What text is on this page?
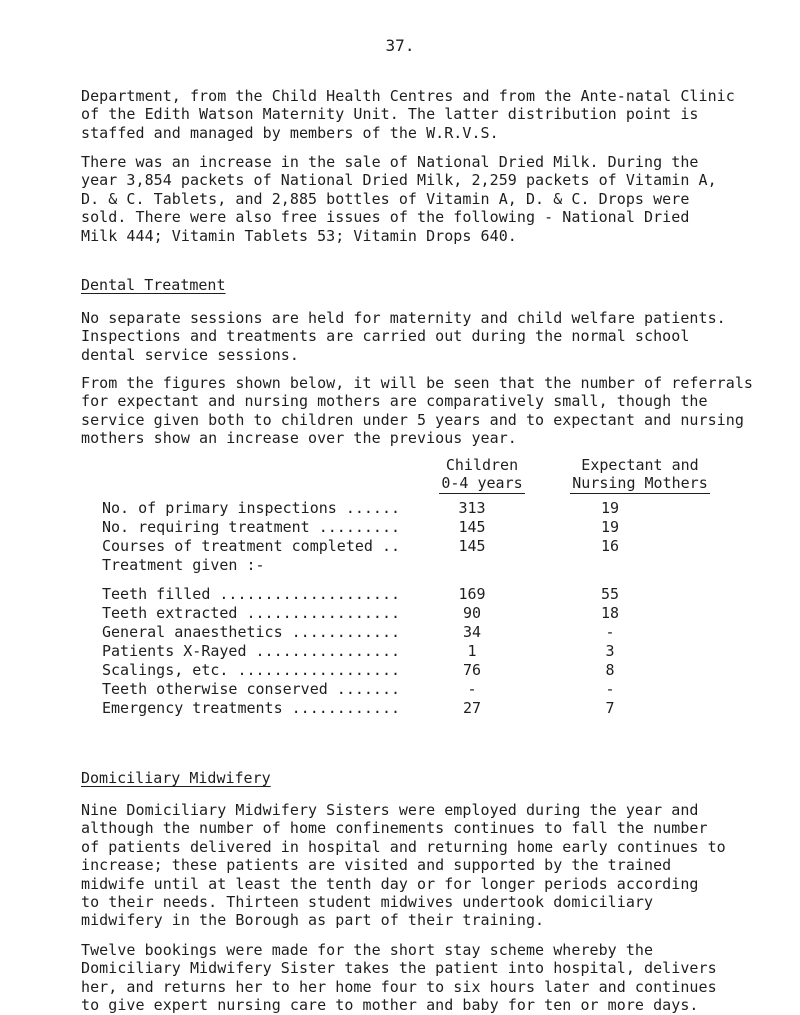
37.

Department, from the Child Health Centres and from the Ante-natal Clinic
of the Edith Watson Maternity Unit. The latter distribution point is
staffed and managed by members of the W.R.V.S.

There was an increase in the sale of National Dried Milk. During the
year 3,854 packets of National Dried Milk, 2,259 packets of Vitamin A,
D. & C. Tablets, and 2,885 bottles of Vitamin A, D. & C. Drops were
sold. There were also free issues of the following - National Dried
Milk 444; Vitamin Tablets 53; Vitamin Drops 640.

Dental Treatment

No separate sessions are held for maternity and child welfare patients.
Inspections and treatments are carried out during the normal school
dental service sessions.

From the figures shown below, it will be seen that the number of referrals
for expectant and nursing mothers are comparatively small, though the
service given both to children under 5 years and to expectant and nursing
mothers show an increase over the previous year.

Children
0-4 years
Expectant and
Nursing Mothers
No. of primary inspections ......	313	19
No. requiring treatment .........	145	19
Courses of treatment completed ..	145	16
Treatment given :-
Teeth filled ....................	169	55
Teeth extracted .................	90	18
General anaesthetics ............	34	-
Patients X-Rayed ................	1	3
Scalings, etc. ..................	76	8
Teeth otherwise conserved .......	-	-
Emergency treatments ............	27	7
Domiciliary Midwifery

Nine Domiciliary Midwifery Sisters were employed during the year and
although the number of home confinements continues to fall the number
of patients delivered in hospital and returning home early continues to
increase; these patients are visited and supported by the trained
midwife until at least the tenth day or for longer periods according
to their needs. Thirteen student midwives undertook domiciliary
midwifery in the Borough as part of their training.

Twelve bookings were made for the short stay scheme whereby the
Domiciliary Midwifery Sister takes the patient into hospital, delivers
her, and returns her to her home four to six hours later and continues
to give expert nursing care to mother and baby for ten or more days.
